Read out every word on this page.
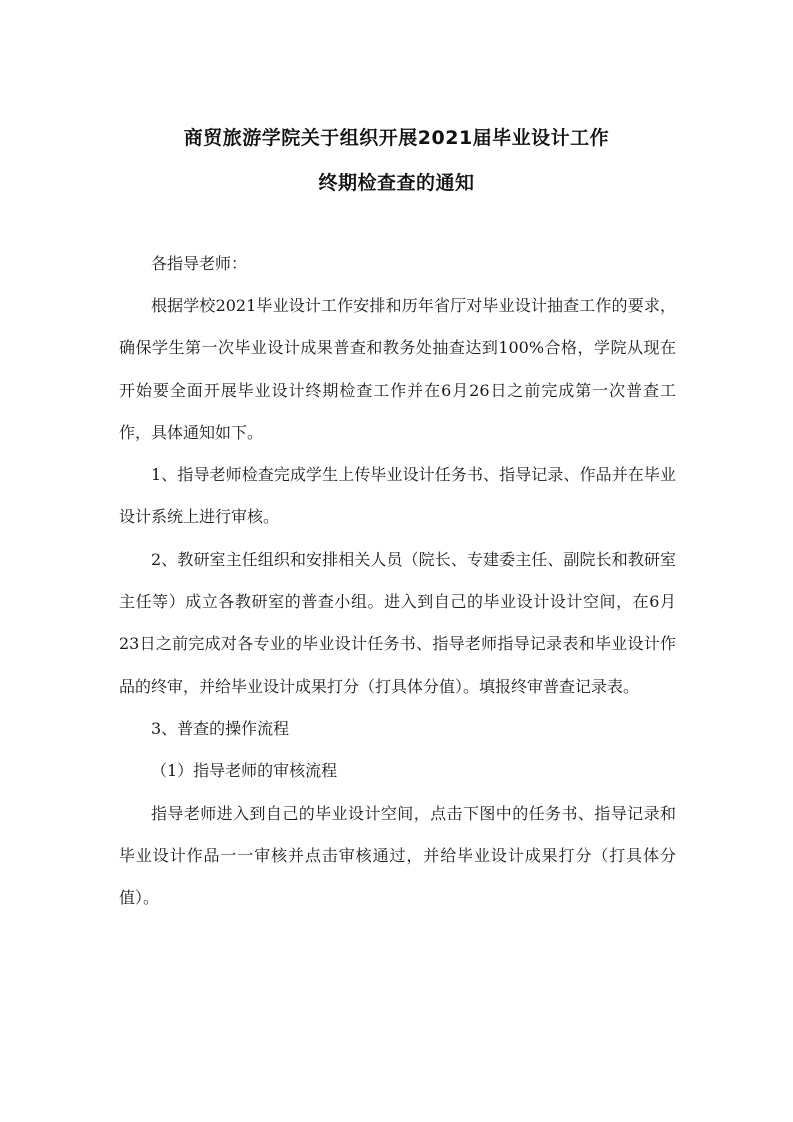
商贸旅游学院关于组织开展2021届毕业设计工作
终期检查查的通知

各指导老师：

根据学校2021毕业设计工作安排和历年省厅对毕业设计抽查工作的要求，确保学生第一次毕业设计成果普查和教务处抽查达到100%合格，学院从现在开始要全面开展毕业设计终期检查工作并在6月26日之前完成第一次普查工作，具体通知如下。

1、指导老师检查完成学生上传毕业设计任务书、指导记录、作品并在毕业设计系统上进行审核。

2、教研室主任组织和安排相关人员（院长、专建委主任、副院长和教研室主任等）成立各教研室的普查小组。进入到自己的毕业设计设计空间，在6月23日之前完成对各专业的毕业设计任务书、指导老师指导记录表和毕业设计作品的终审，并给毕业设计成果打分（打具体分值）。填报终审普查记录表。

3、普查的操作流程

（1）指导老师的审核流程

指导老师进入到自己的毕业设计空间，点击下图中的任务书、指导记录和毕业设计作品一一审核并点击审核通过，并给毕业设计成果打分（打具体分值）。
